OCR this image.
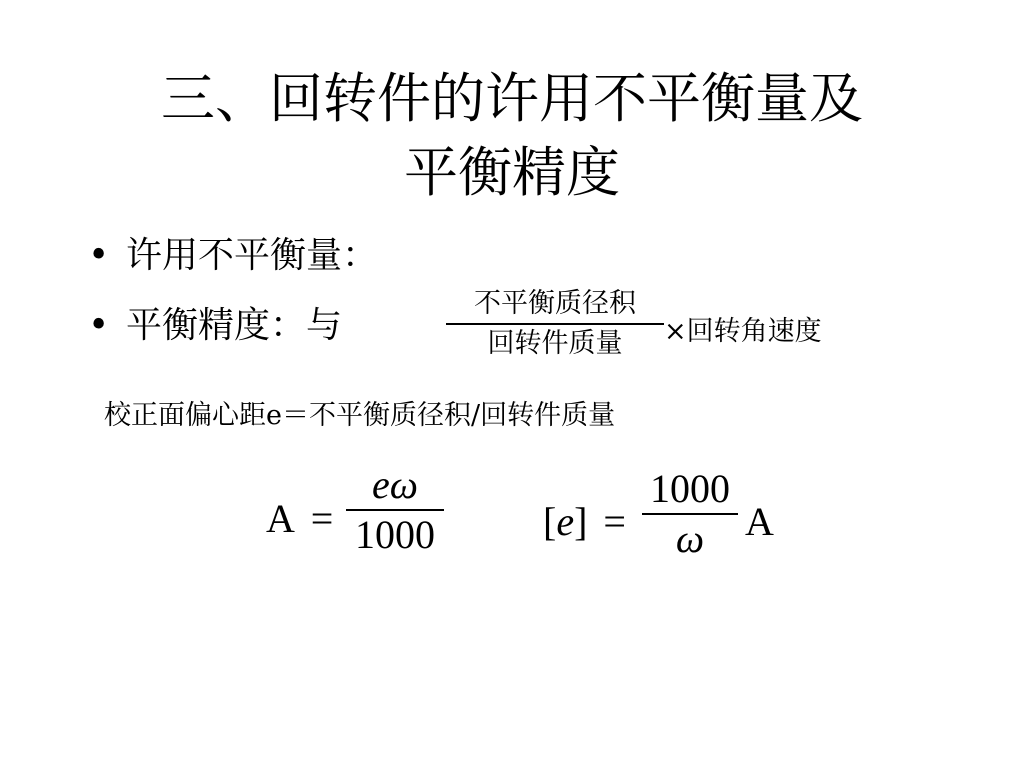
三、回转件的许用不平衡量及
平衡精度
• 许用不平衡量：
• 平衡精度：与
不平衡质径积
回转件质量	×回转角速度
校正面偏心距e＝不平衡质径积/回转件质量
A =
eω
1000	[e] =
1000
ω	A
